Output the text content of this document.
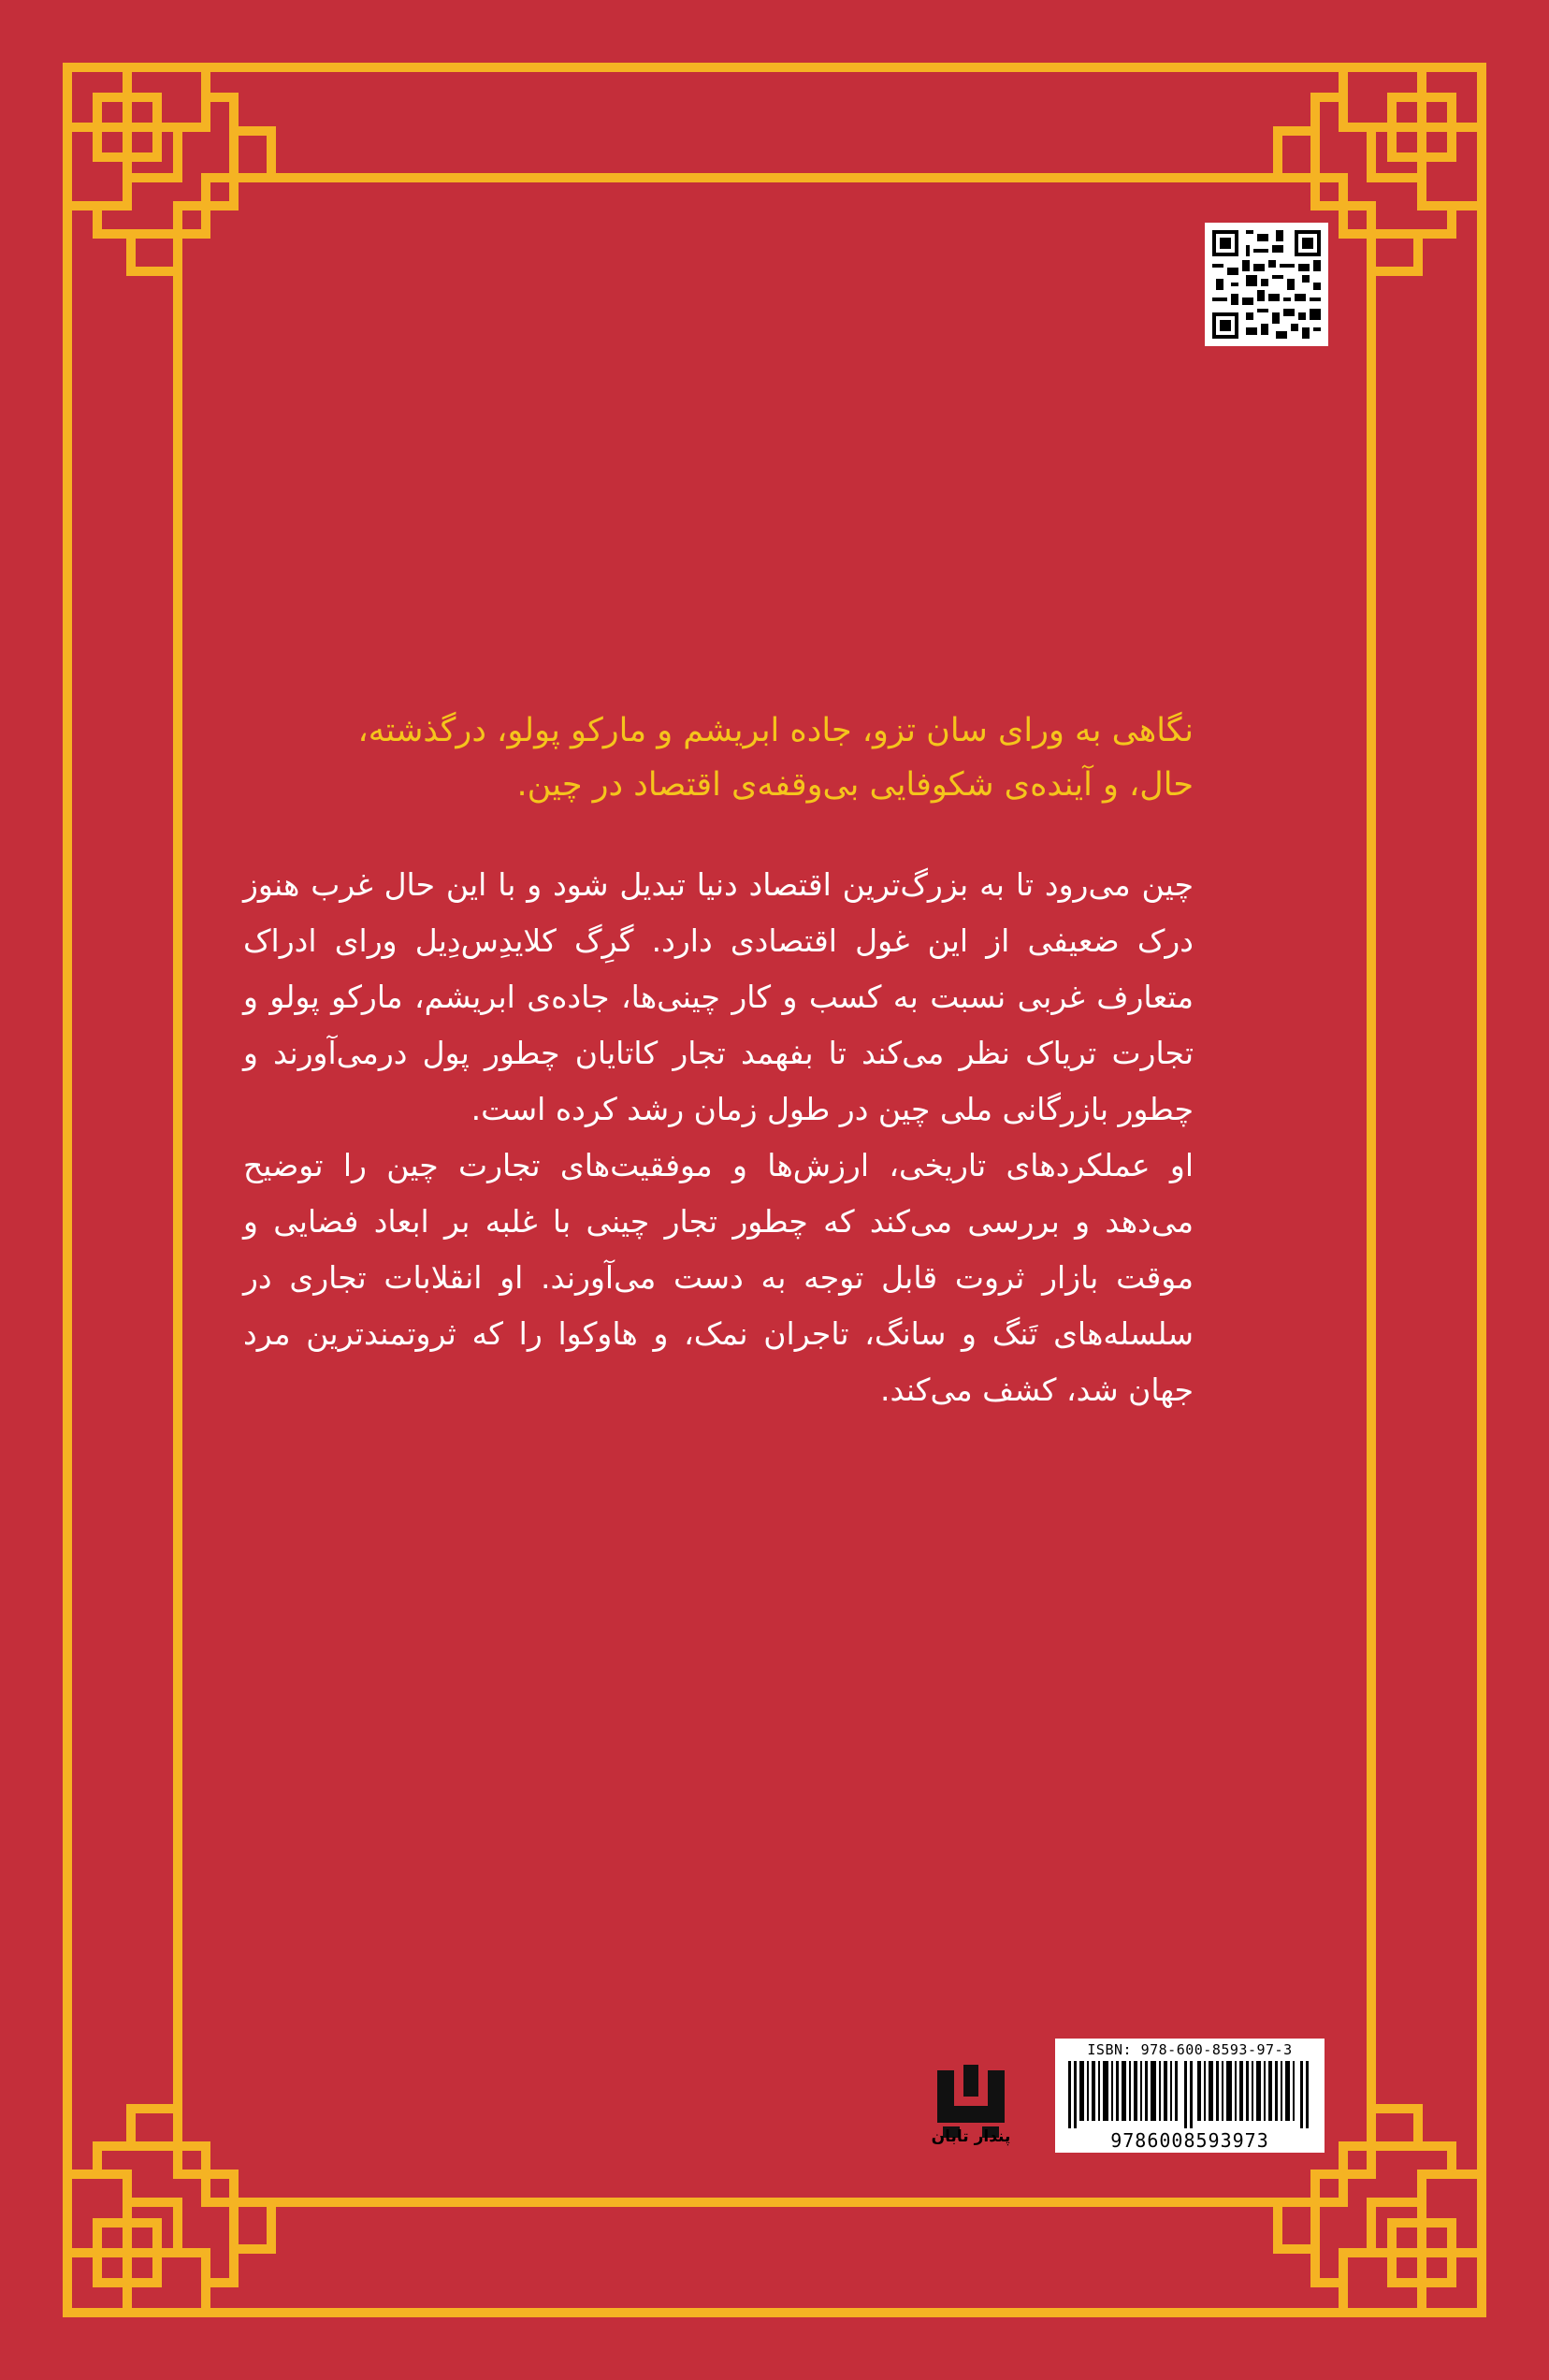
نگاهی به ورای سان تزو، جاده ابریشم و مارکو پولو، درگذشته،
حال، و آینده‌ی شکوفایی بی‌وقفه‌ی اقتصاد در چین.

چین می‌رود تا به بزرگ‌ترین اقتصاد دنیا تبدیل شود و با این حال غرب هنوز درک ضعیفی از این غول اقتصادی دارد. گرِگ کلایدِس‌دِیل ورای ادراک متعارف غربی نسبت به کسب و کار چینی‌ها، جاده‌ی ابریشم، مارکو پولو و تجارت تریاک نظر می‌کند تا بفهمد تجار کاتایان چطور پول درمی‌آورند و چطور بازرگانی ملی چین در طول زمان رشد کرده است.

او عملکردهای تاریخی، ارزش‌ها و موفقیت‌های تجارت چین را توضیح می‌دهد و بررسی می‌کند که چطور تجار چینی با غلبه بر ابعاد فضایی و موقت بازار ثروت قابل توجه به دست می‌آورند. او انقلابات تجاری در سلسله‌های تَنگ و سانگ، تاجران نمک، و هاوکوا را که ثروتمندترین مرد جهان شد، کشف می‌کند.

پندار تابان
ISBN: 978-600-8593-97-3
9786008593973
